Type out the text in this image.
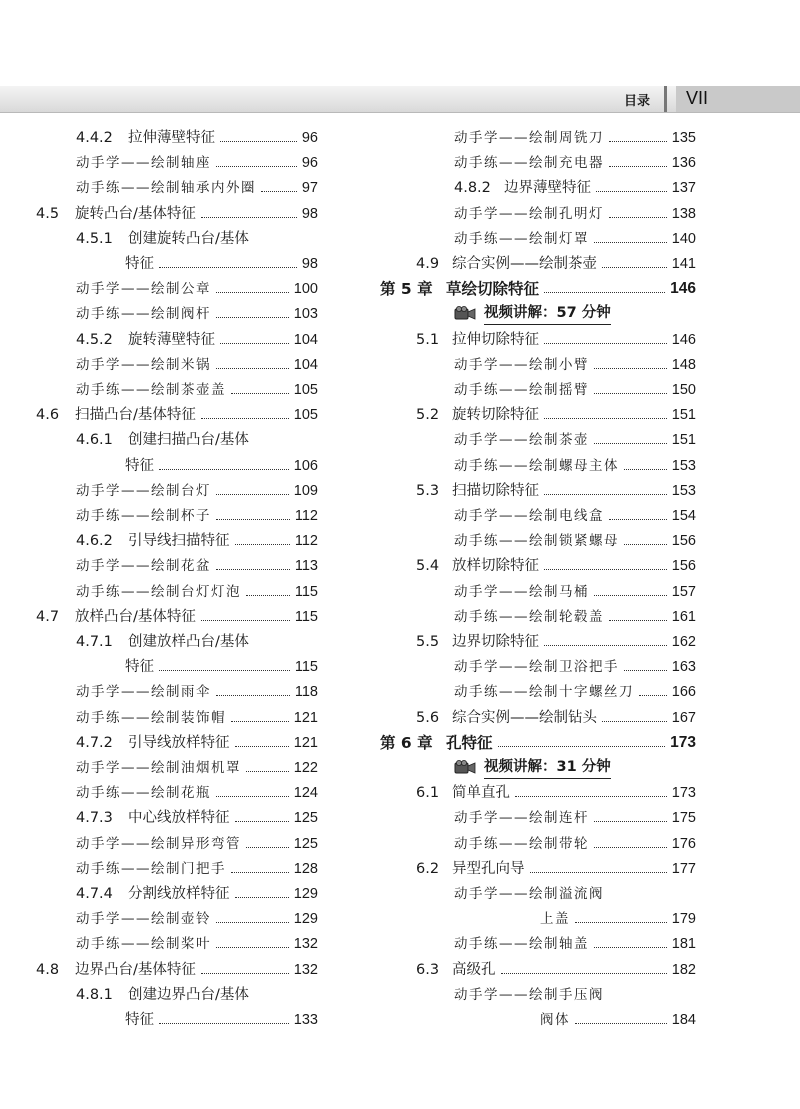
目录 VII
4.4.2 拉伸薄壁特征	96
动手学——绘制轴座	96
动手练——绘制轴承内外圈	97
4.5 旋转凸台/基体特征	98
4.5.1 创建旋转凸台/基体
特征	98
动手学——绘制公章	100
动手练——绘制阀杆	103
4.5.2 旋转薄壁特征	104
动手学——绘制米锅	104
动手练——绘制茶壶盖	105
4.6 扫描凸台/基体特征	105
4.6.1 创建扫描凸台/基体
特征	106
动手学——绘制台灯	109
动手练——绘制杯子	112
4.6.2 引导线扫描特征	112
动手学——绘制花盆	113
动手练——绘制台灯灯泡	115
4.7 放样凸台/基体特征	115
4.7.1 创建放样凸台/基体
特征	115
动手学——绘制雨伞	118
动手练——绘制装饰帽	121
4.7.2 引导线放样特征	121
动手学——绘制油烟机罩	122
动手练——绘制花瓶	124
4.7.3 中心线放样特征	125
动手学——绘制异形弯管	125
动手练——绘制门把手	128
4.7.4 分割线放样特征	129
动手学——绘制壶铃	129
动手练——绘制桨叶	132
4.8 边界凸台/基体特征	132
4.8.1 创建边界凸台/基体
特征	133
动手学——绘制周铣刀	135
动手练——绘制充电器	136
4.8.2 边界薄壁特征	137
动手学——绘制孔明灯	138
动手练——绘制灯罩	140
4.9 综合实例——绘制茶壶	141
第 5 章 草绘切除特征	146
视频讲解：57 分钟
5.1 拉伸切除特征	146
动手学——绘制小臂	148
动手练——绘制摇臂	150
5.2 旋转切除特征	151
动手学——绘制茶壶	151
动手练——绘制螺母主体	153
5.3 扫描切除特征	153
动手学——绘制电线盒	154
动手练——绘制锁紧螺母	156
5.4 放样切除特征	156
动手学——绘制马桶	157
动手练——绘制轮毂盖	161
5.5 边界切除特征	162
动手学——绘制卫浴把手	163
动手练——绘制十字螺丝刀	166
5.6 综合实例——绘制钻头	167
第 6 章 孔特征	173
视频讲解：31 分钟
6.1 简单直孔	173
动手学——绘制连杆	175
动手练——绘制带轮	176
6.2 异型孔向导	177
动手学——绘制溢流阀
上盖	179
动手练——绘制轴盖	181
6.3 高级孔	182
动手学——绘制手压阀
阀体	184
